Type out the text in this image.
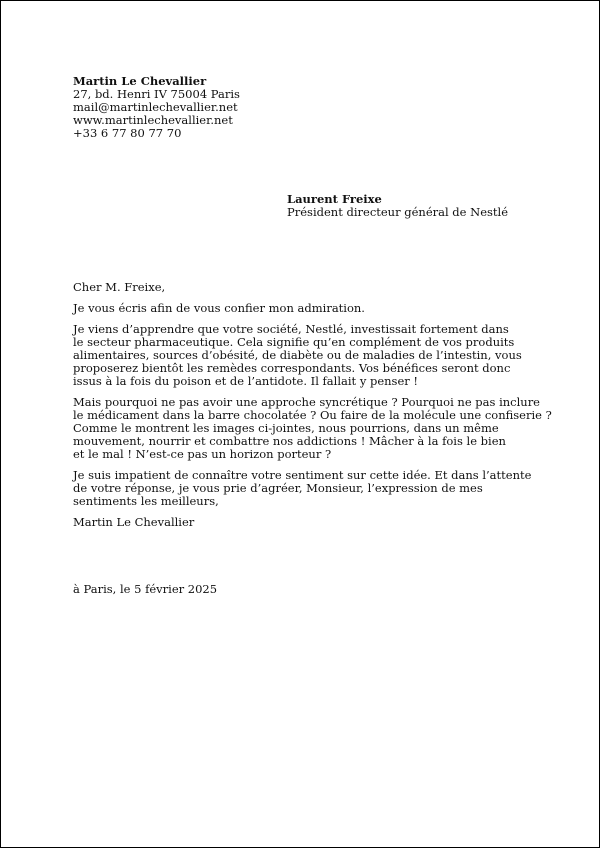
Martin Le Chevallier
27, bd. Henri IV 75004 Paris
mail@martinlechevallier.net
www.martinlechevallier.net
+33 6 77 80 77 70
Laurent Freixe
Président directeur général de Nestlé

Cher M. Freixe,

Je vous écris afin de vous confier mon admiration.

Je viens d’apprendre que votre société, Nestlé, investissait fortement dans
le secteur pharmaceutique. Cela signifie qu’en complément de vos produits
alimentaires, sources d’obésité, de diabète ou de maladies de l’intestin, vous
proposerez bientôt les remèdes correspondants. Vos bénéfices seront donc
issus à la fois du poison et de l’antidote. Il fallait y penser !
Mais pourquoi ne pas avoir une approche syncrétique ? Pourquoi ne pas inclure
le médicament dans la barre chocolatée ? Ou faire de la molécule une confiserie ?
Comme le montrent les images ci-jointes, nous pourrions, dans un même
mouvement, nourrir et combattre nos addictions ! Mâcher à la fois le bien
et le mal ! N’est-ce pas un horizon porteur ?
Je suis impatient de connaître votre sentiment sur cette idée. Et dans l’attente
de votre réponse, je vous prie d’agréer, Monsieur, l’expression de mes
sentiments les meilleurs,

Martin Le Chevallier

à Paris, le 5 février 2025
